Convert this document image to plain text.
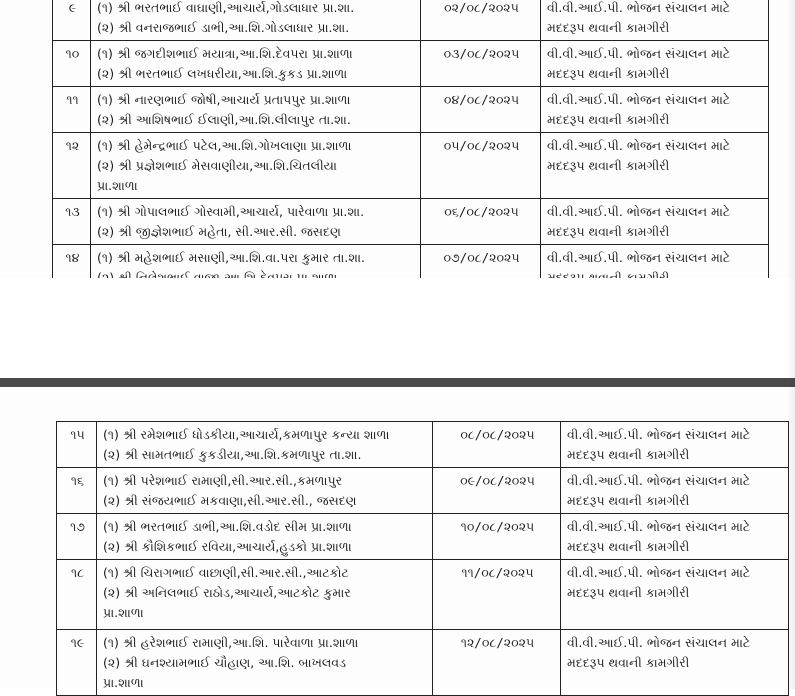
૯	(૧) શ્રી ભરતભાઈ વાઘાણી,આચાર્ય,ગોડલાધાર પ્રા.શા.
(૨) શ્રી વનરાજભાઈ ડાભી,આ.શિ.ગોડલાધાર પ્રા.શા.	૦૨/૦૮/૨૦૨૫	વી.વી.આઈ.પી. ભોજન સંચાલન માટે
મદદરૂપ થવાની કામગીરી

૧૦	(૧) શ્રી જગદીશભાઈ મયાત્રા,આ.શિ.દેવપરા પ્રા.શાળા
(૨) શ્રી ભરતભાઈ લખધરીયા,આ.શિ.કુકડ પ્રા.શાળા	૦૩/૦૮/૨૦૨૫	વી.વી.આઈ.પી. ભોજન સંચાલન માટે
મદદરૂપ થવાની કામગીરી

૧૧	(૧) શ્રી નારણભાઈ જોષી,આચાર્ય પ્રતાપપુર પ્રા.શાળા
(૨) શ્રી આશિષભાઈ ઈલાણી,આ.શિ.લીલાપુર તા.શા.	૦૪/૦૮/૨૦૨૫	વી.વી.આઈ.પી. ભોજન સંચાલન માટે
મદદરૂપ થવાની કામગીરી

૧૨	(૧) શ્રી હેમેન્દ્રભાઈ પટેલ,આ.શિ.ગોખલાણા પ્રા.શાળા
(૨) શ્રી પ્રજ્ઞેશભાઈ મેસવાણીયા,આ.શિ.ચિતલીયા
પ્રા.શાળા	૦૫/૦૮/૨૦૨૫	વી.વી.આઈ.પી. ભોજન સંચાલન માટે
મદદરૂપ થવાની કામગીરી

૧૩	(૧) શ્રી ગોપાલભાઈ ગોસ્વામી,આચાર્ય, પારેવાળા પ્રા.શા.
(૨) શ્રી જીજ્ઞેશભાઈ મહેતા, સી.આર.સી. જસદણ	૦૬/૦૮/૨૦૨૫	વી.વી.આઈ.પી. ભોજન સંચાલન માટે
મદદરૂપ થવાની કામગીરી

૧૪	(૧) શ્રી મહેશભાઈ મસાણી,આ.શિ.વા.પરા કુમાર તા.શા.	૦૭/૦૮/૨૦૨૫	વી.વી.આઈ.પી. ભોજન સંચાલન માટે
૧૫	(૧) શ્રી રમેશભાઈ ધોડકીયા,આચાર્ય,કમળાપુર કન્યા શાળા
(૨) શ્રી સામતભાઈ કુકડીયા,આ.શિ.કમળાપુર તા.શા.	૦૮/૦૮/૨૦૨૫	વી.વી.આઈ.પી. ભોજન સંચાલન માટે
મદદરૂપ થવાની કામગીરી

૧૬	(૧) શ્રી પરેશભાઈ રામાણી,સી.આર.સી.,કમળાપુર
(૨) શ્રી સંજયભાઈ મકવાણા,સી.આર.સી., જસદણ	૦૯/૦૮/૨૦૨૫	વી.વી.આઈ.પી. ભોજન સંચાલન માટે
મદદરૂપ થવાની કામગીરી

૧૭	(૧) શ્રી ભરતભાઈ ડાભી,આ.શિ.વડોદ સીમ પ્રા.શાળા
(૨) શ્રી કૌશિકભાઈ રવિયા,આચાર્ય,હુડકો પ્રા.શાળા	૧૦/૦૮/૨૦૨૫	વી.વી.આઈ.પી. ભોજન સંચાલન માટે
મદદરૂપ થવાની કામગીરી

૧૮	(૧) શ્રી ચિરાગભાઈ વાછાણી,સી.આર.સી.,આટકોટ
(૨) શ્રી અનિલભાઈ રાઠોડ,આચાર્ય,આટકોટ કુમાર
પ્રા.શાળા	૧૧/૦૮/૨૦૨૫	વી.વી.આઈ.પી. ભોજન સંચાલન માટે
મદદરૂપ થવાની કામગીરી

૧૯	(૧) શ્રી હરેશભાઈ રામાણી,આ.શિ. પારેવાળા પ્રા.શાળા
(૨) શ્રી ઘનશ્યામભાઈ ચૌહાણ, આ.શિ. બાખલવડ
પ્રા.શાળા	૧૨/૦૮/૨૦૨૫	વી.વી.આઈ.પી. ભોજન સંચાલન માટે
મદદરૂપ થવાની કામગીરી
